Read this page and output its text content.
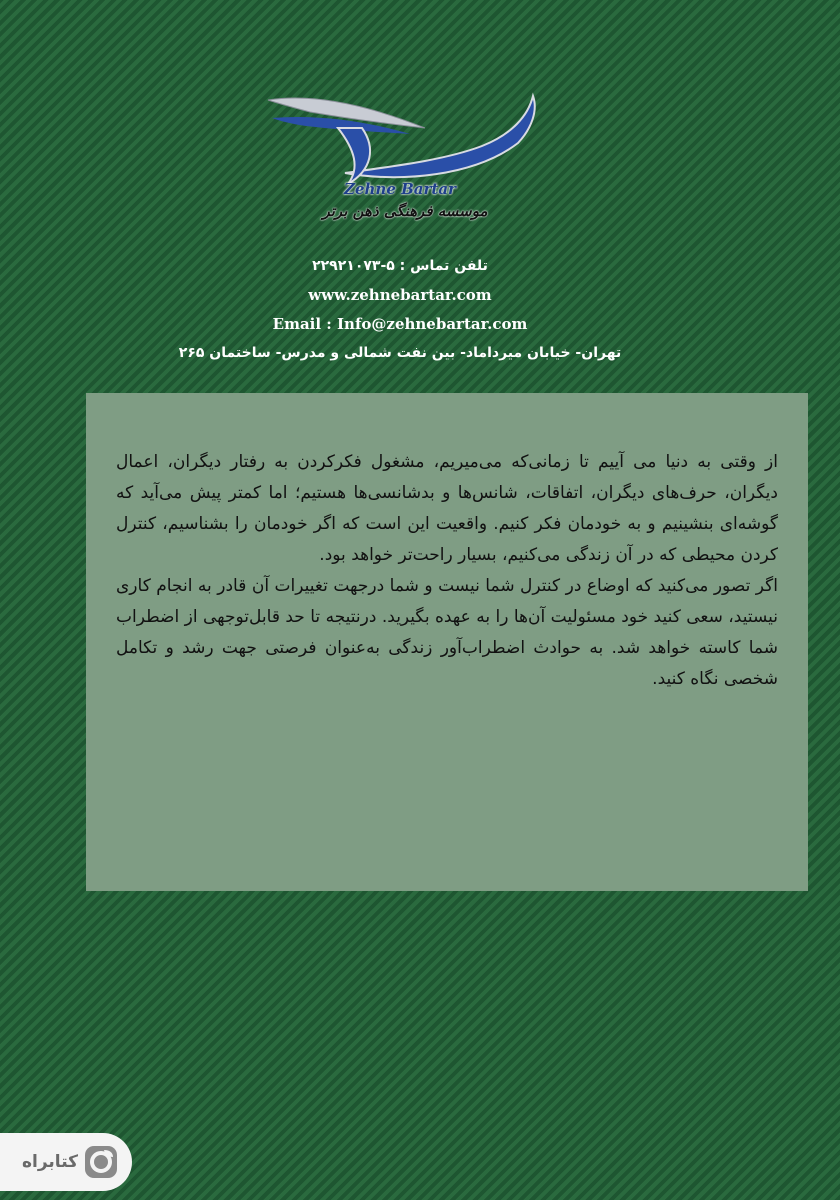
Zehne Bartar
موسسه فرهنگی ذهن برتر
تلفن تماس : ۵-۲۲۹۲۱۰۷۳
www.zehnebartar.com
Email : Info@zehnebartar.com
تهران- خیابان میرداماد- بین نفت شمالی و مدرس- ساختمان ۲۶۵

از وقتی به دنیا می آییم تا زمانی‌که می‌میریم، مشغول فکرکردن به رفتار دیگران، اعمال دیگران، حرف‌های دیگران، اتفاقات، شانس‌ها و بدشانسی‌ها هستیم؛ اما کمتر پیش می‌آید که گوشه‌ای بنشینیم و به خودمان فکر کنیم. واقعیت این است که اگر خودمان را بشناسیم، کنترل کردن محیطی که در آن زندگی می‌کنیم، بسیار راحت‌تر خواهد بود.

اگر تصور می‌کنید که اوضاع در کنترل شما نیست و شما درجهت تغییرات آن قادر به انجام کاری نیستید، سعی کنید خود مسئولیت آن‌ها را به عهده بگیرید. درنتیجه تا حد قابل‌توجهی از اضطراب شما کاسته خواهد شد. به حوادث اضطراب‌آور زندگی به‌عنوان فرصتی جهت رشد و تکامل شخصی نگاه کنید.

کتابراه
